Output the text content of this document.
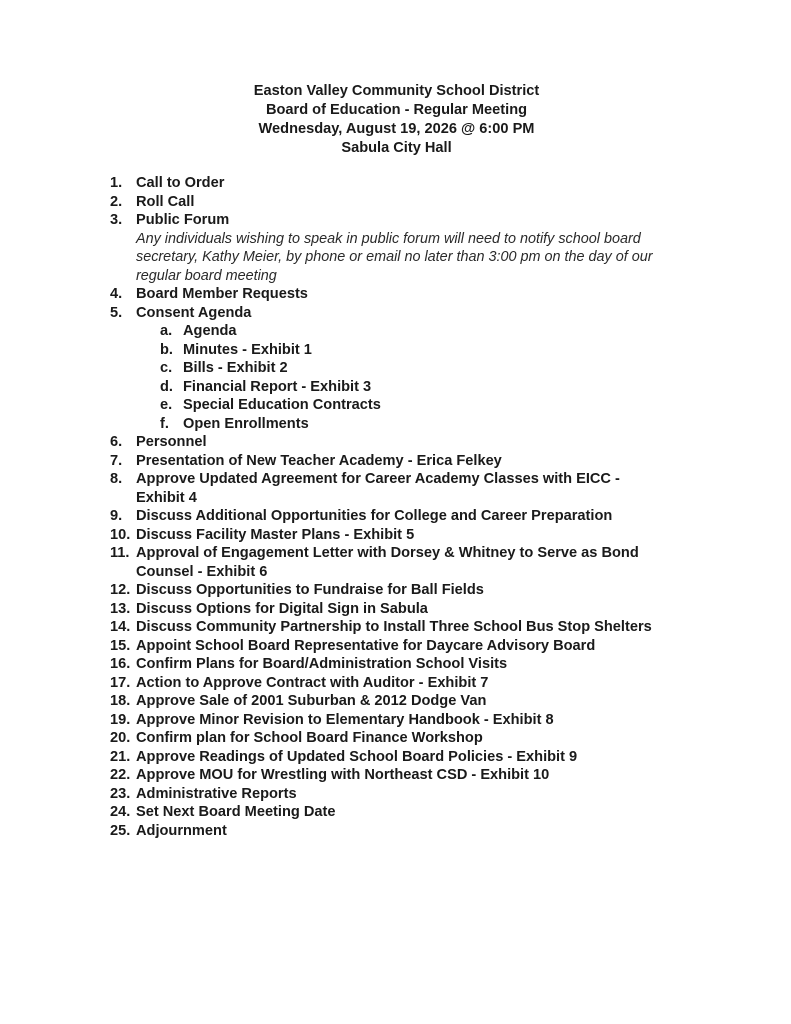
Easton Valley Community School District
Board of Education - Regular Meeting
Wednesday, August 19, 2026 @ 6:00 PM
Sabula City Hall
1. Call to Order
2. Roll Call
3. Public Forum
Any individuals wishing to speak in public forum will need to notify school board
secretary, Kathy Meier, by phone or email no later than 3:00 pm on the day of our
regular board meeting
4. Board Member Requests
5. Consent Agenda
a. Agenda
b. Minutes - Exhibit 1
c. Bills - Exhibit 2
d. Financial Report - Exhibit 3
e. Special Education Contracts
f. Open Enrollments
6. Personnel
7. Presentation of New Teacher Academy - Erica Felkey
8. Approve Updated Agreement for Career Academy Classes with EICC -
Exhibit 4
9. Discuss Additional Opportunities for College and Career Preparation
10. Discuss Facility Master Plans - Exhibit 5
11. Approval of Engagement Letter with Dorsey & Whitney to Serve as Bond
Counsel - Exhibit 6
12. Discuss Opportunities to Fundraise for Ball Fields
13. Discuss Options for Digital Sign in Sabula
14. Discuss Community Partnership to Install Three School Bus Stop Shelters
15. Appoint School Board Representative for Daycare Advisory Board
16. Confirm Plans for Board/Administration School Visits
17. Action to Approve Contract with Auditor - Exhibit 7
18. Approve Sale of 2001 Suburban & 2012 Dodge Van
19. Approve Minor Revision to Elementary Handbook - Exhibit 8
20. Confirm plan for School Board Finance Workshop
21. Approve Readings of Updated School Board Policies - Exhibit 9
22. Approve MOU for Wrestling with Northeast CSD - Exhibit 10
23. Administrative Reports
24. Set Next Board Meeting Date
25. Adjournment
